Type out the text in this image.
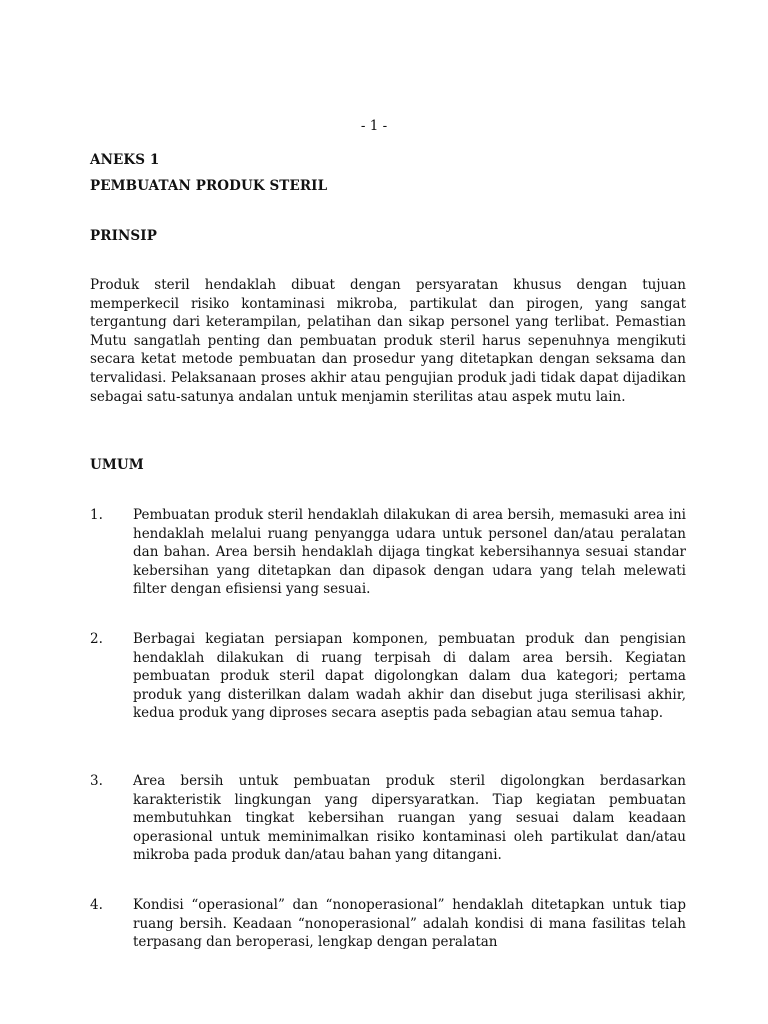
- 1 -
ANEKS 1
PEMBUATAN PRODUK STERIL
PRINSIP
Produk steril hendaklah dibuat dengan persyaratan khusus dengan tujuan memperkecil risiko kontaminasi mikroba, partikulat dan pirogen, yang sangat tergantung dari keterampilan, pelatihan dan sikap personel yang terlibat. Pemastian Mutu sangatlah penting dan pembuatan produk steril harus sepenuhnya mengikuti secara ketat metode pembuatan dan prosedur yang ditetapkan dengan seksama dan tervalidasi. Pelaksanaan proses akhir atau pengujian produk jadi tidak dapat dijadikan sebagai satu-satunya andalan untuk menjamin sterilitas atau aspek mutu lain.
UMUM
1. Pembuatan produk steril hendaklah dilakukan di area bersih, memasuki area ini hendaklah melalui ruang penyangga udara untuk personel dan/atau peralatan dan bahan. Area bersih hendaklah dijaga tingkat kebersihannya sesuai standar kebersihan yang ditetapkan dan dipasok dengan udara yang telah melewati filter dengan efisiensi yang sesuai.
2. Berbagai kegiatan persiapan komponen, pembuatan produk dan pengisian hendaklah dilakukan di ruang terpisah di dalam area bersih. Kegiatan pembuatan produk steril dapat digolongkan dalam dua kategori; pertama produk yang disterilkan dalam wadah akhir dan disebut juga sterilisasi akhir, kedua produk yang diproses secara aseptis pada sebagian atau semua tahap.
3. Area bersih untuk pembuatan produk steril digolongkan berdasarkan karakteristik lingkungan yang dipersyaratkan. Tiap kegiatan pembuatan membutuhkan tingkat kebersihan ruangan yang sesuai dalam keadaan operasional untuk meminimalkan risiko kontaminasi oleh partikulat dan/atau mikroba pada produk dan/atau bahan yang ditangani.
4. Kondisi “operasional” dan “nonoperasional” hendaklah ditetapkan untuk tiap ruang bersih. Keadaan “nonoperasional” adalah kondisi di mana fasilitas telah terpasang dan beroperasi, lengkap dengan peralatan
